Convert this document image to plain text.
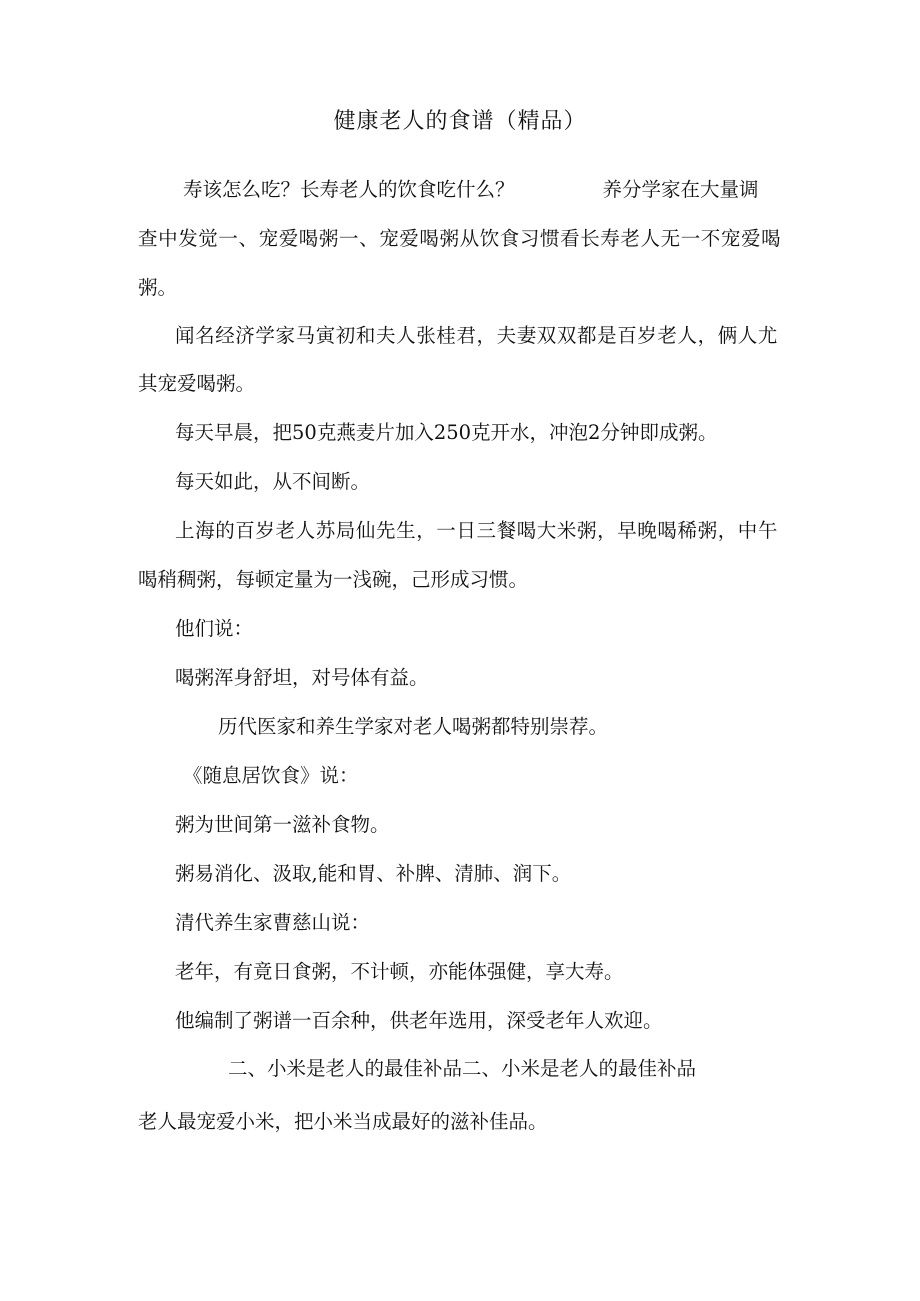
健康老人的食谱（精品）
寿该怎么吃？长寿老人的饮食吃什么？	养分学家在大量调
查中发觉一、宠爱喝粥一、宠爱喝粥从饮食习惯看长寿老人无一不宠爱喝
粥。
闻名经济学家马寅初和夫人张桂君，夫妻双双都是百岁老人，俩人尤
其宠爱喝粥。
每天早晨，把50克燕麦片加入250克开水，冲泡2分钟即成粥。
每天如此，从不间断。
上海的百岁老人苏局仙先生，一日三餐喝大米粥，早晚喝稀粥，中午
喝稍稠粥，每顿定量为一浅碗，己形成习惯。
他们说：
喝粥浑身舒坦，对号体有益。
历代医家和养生学家对老人喝粥都特别崇荐。
《随息居饮食》说：
粥为世间第一滋补食物。
粥易消化、汲取,能和胃、补脾、清肺、润下。
清代养生家曹慈山说：
老年，有竟日食粥，不计顿，亦能体强健，享大寿。
他编制了粥谱一百余种，供老年选用，深受老年人欢迎。
二、小米是老人的最佳补品二、小米是老人的最佳补品
老人最宠爱小米，把小米当成最好的滋补佳品。
